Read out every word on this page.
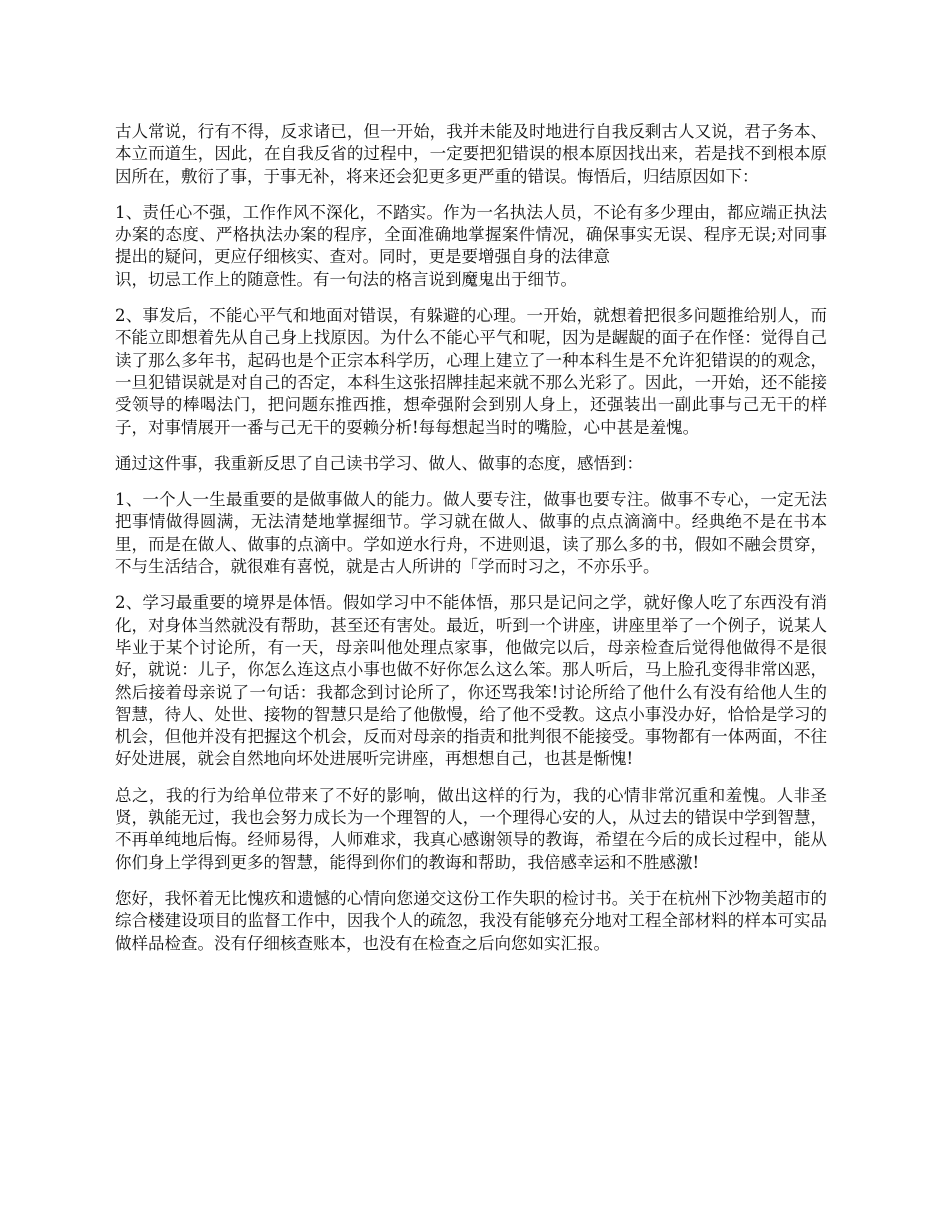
古人常说，行有不得，反求诸已，但一开始，我并未能及时地进行自我反剩古人又说，君子务本、本立而道生，因此，在自我反省的过程中，一定要把犯错误的根本原因找出来，若是找不到根本原因所在，敷衍了事，于事无补，将来还会犯更多更严重的错误。悔悟后，归结原因如下：

1、责任心不强，工作作风不深化，不踏实。作为一名执法人员，不论有多少理由，都应端正执法办案的态度、严格执法办案的程序，全面准确地掌握案件情况，确保事实无误、程序无误;对同事提出的疑问，更应仔细核实、查对。同时，更是要增强自身的法律意
识，切忌工作上的随意性。有一句法的格言说到魔鬼出于细节。

2、事发后，不能心平气和地面对错误，有躲避的心理。一开始，就想着把很多问题推给别人，而不能立即想着先从自己身上找原因。为什么不能心平气和呢，因为是龌龊的面子在作怪：觉得自己读了那么多年书，起码也是个正宗本科学历，心理上建立了一种本科生是不允许犯错误的的观念，一旦犯错误就是对自己的否定，本科生这张招牌挂起来就不那么光彩了。因此，一开始，还不能接受领导的棒喝法门，把问题东推西推，想牵强附会到别人身上，还强装出一副此事与己无干的样子，对事情展开一番与己无干的耍赖分析!每每想起当时的嘴脸，心中甚是羞愧。

通过这件事，我重新反思了自己读书学习、做人、做事的态度，感悟到：

1、一个人一生最重要的是做事做人的能力。做人要专注，做事也要专注。做事不专心，一定无法把事情做得圆满，无法清楚地掌握细节。学习就在做人、做事的点点滴滴中。经典绝不是在书本里，而是在做人、做事的点滴中。学如逆水行舟，不进则退，读了那么多的书，假如不融会贯穿，不与生活结合，就很难有喜悦，就是古人所讲的「学而时习之，不亦乐乎。

2、学习最重要的境界是体悟。假如学习中不能体悟，那只是记问之学，就好像人吃了东西没有消化，对身体当然就没有帮助，甚至还有害处。最近，听到一个讲座，讲座里举了一个例子，说某人毕业于某个讨论所，有一天，母亲叫他处理点家事，他做完以后，母亲检查后觉得他做得不是很好，就说：儿子，你怎么连这点小事也做不好你怎么这么笨。那人听后，马上脸孔变得非常凶恶，然后接着母亲说了一句话：我都念到讨论所了，你还骂我笨!讨论所给了他什么有没有给他人生的智慧，待人、处世、接物的智慧只是给了他傲慢，给了他不受教。这点小事没办好，恰恰是学习的机会，但他并没有把握这个机会，反而对母亲的指责和批判很不能接受。事物都有一体两面，不往好处进展，就会自然地向坏处进展听完讲座，再想想自己，也甚是惭愧!

总之，我的行为给单位带来了不好的影响，做出这样的行为，我的心情非常沉重和羞愧。人非圣贤，孰能无过，我也会努力成长为一个理智的人，一个理得心安的人，从过去的错误中学到智慧，不再单纯地后悔。经师易得，人师难求，我真心感谢领导的教诲，希望在今后的成长过程中，能从你们身上学得到更多的智慧，能得到你们的教诲和帮助，我倍感幸运和不胜感激!

您好，我怀着无比愧疚和遗憾的心情向您递交这份工作失职的检讨书。关于在杭州下沙物美超市的综合楼建设项目的监督工作中，因我个人的疏忽，我没有能够充分地对工程全部材料的样本可实品做样品检查。没有仔细核查账本，也没有在检查之后向您如实汇报。
